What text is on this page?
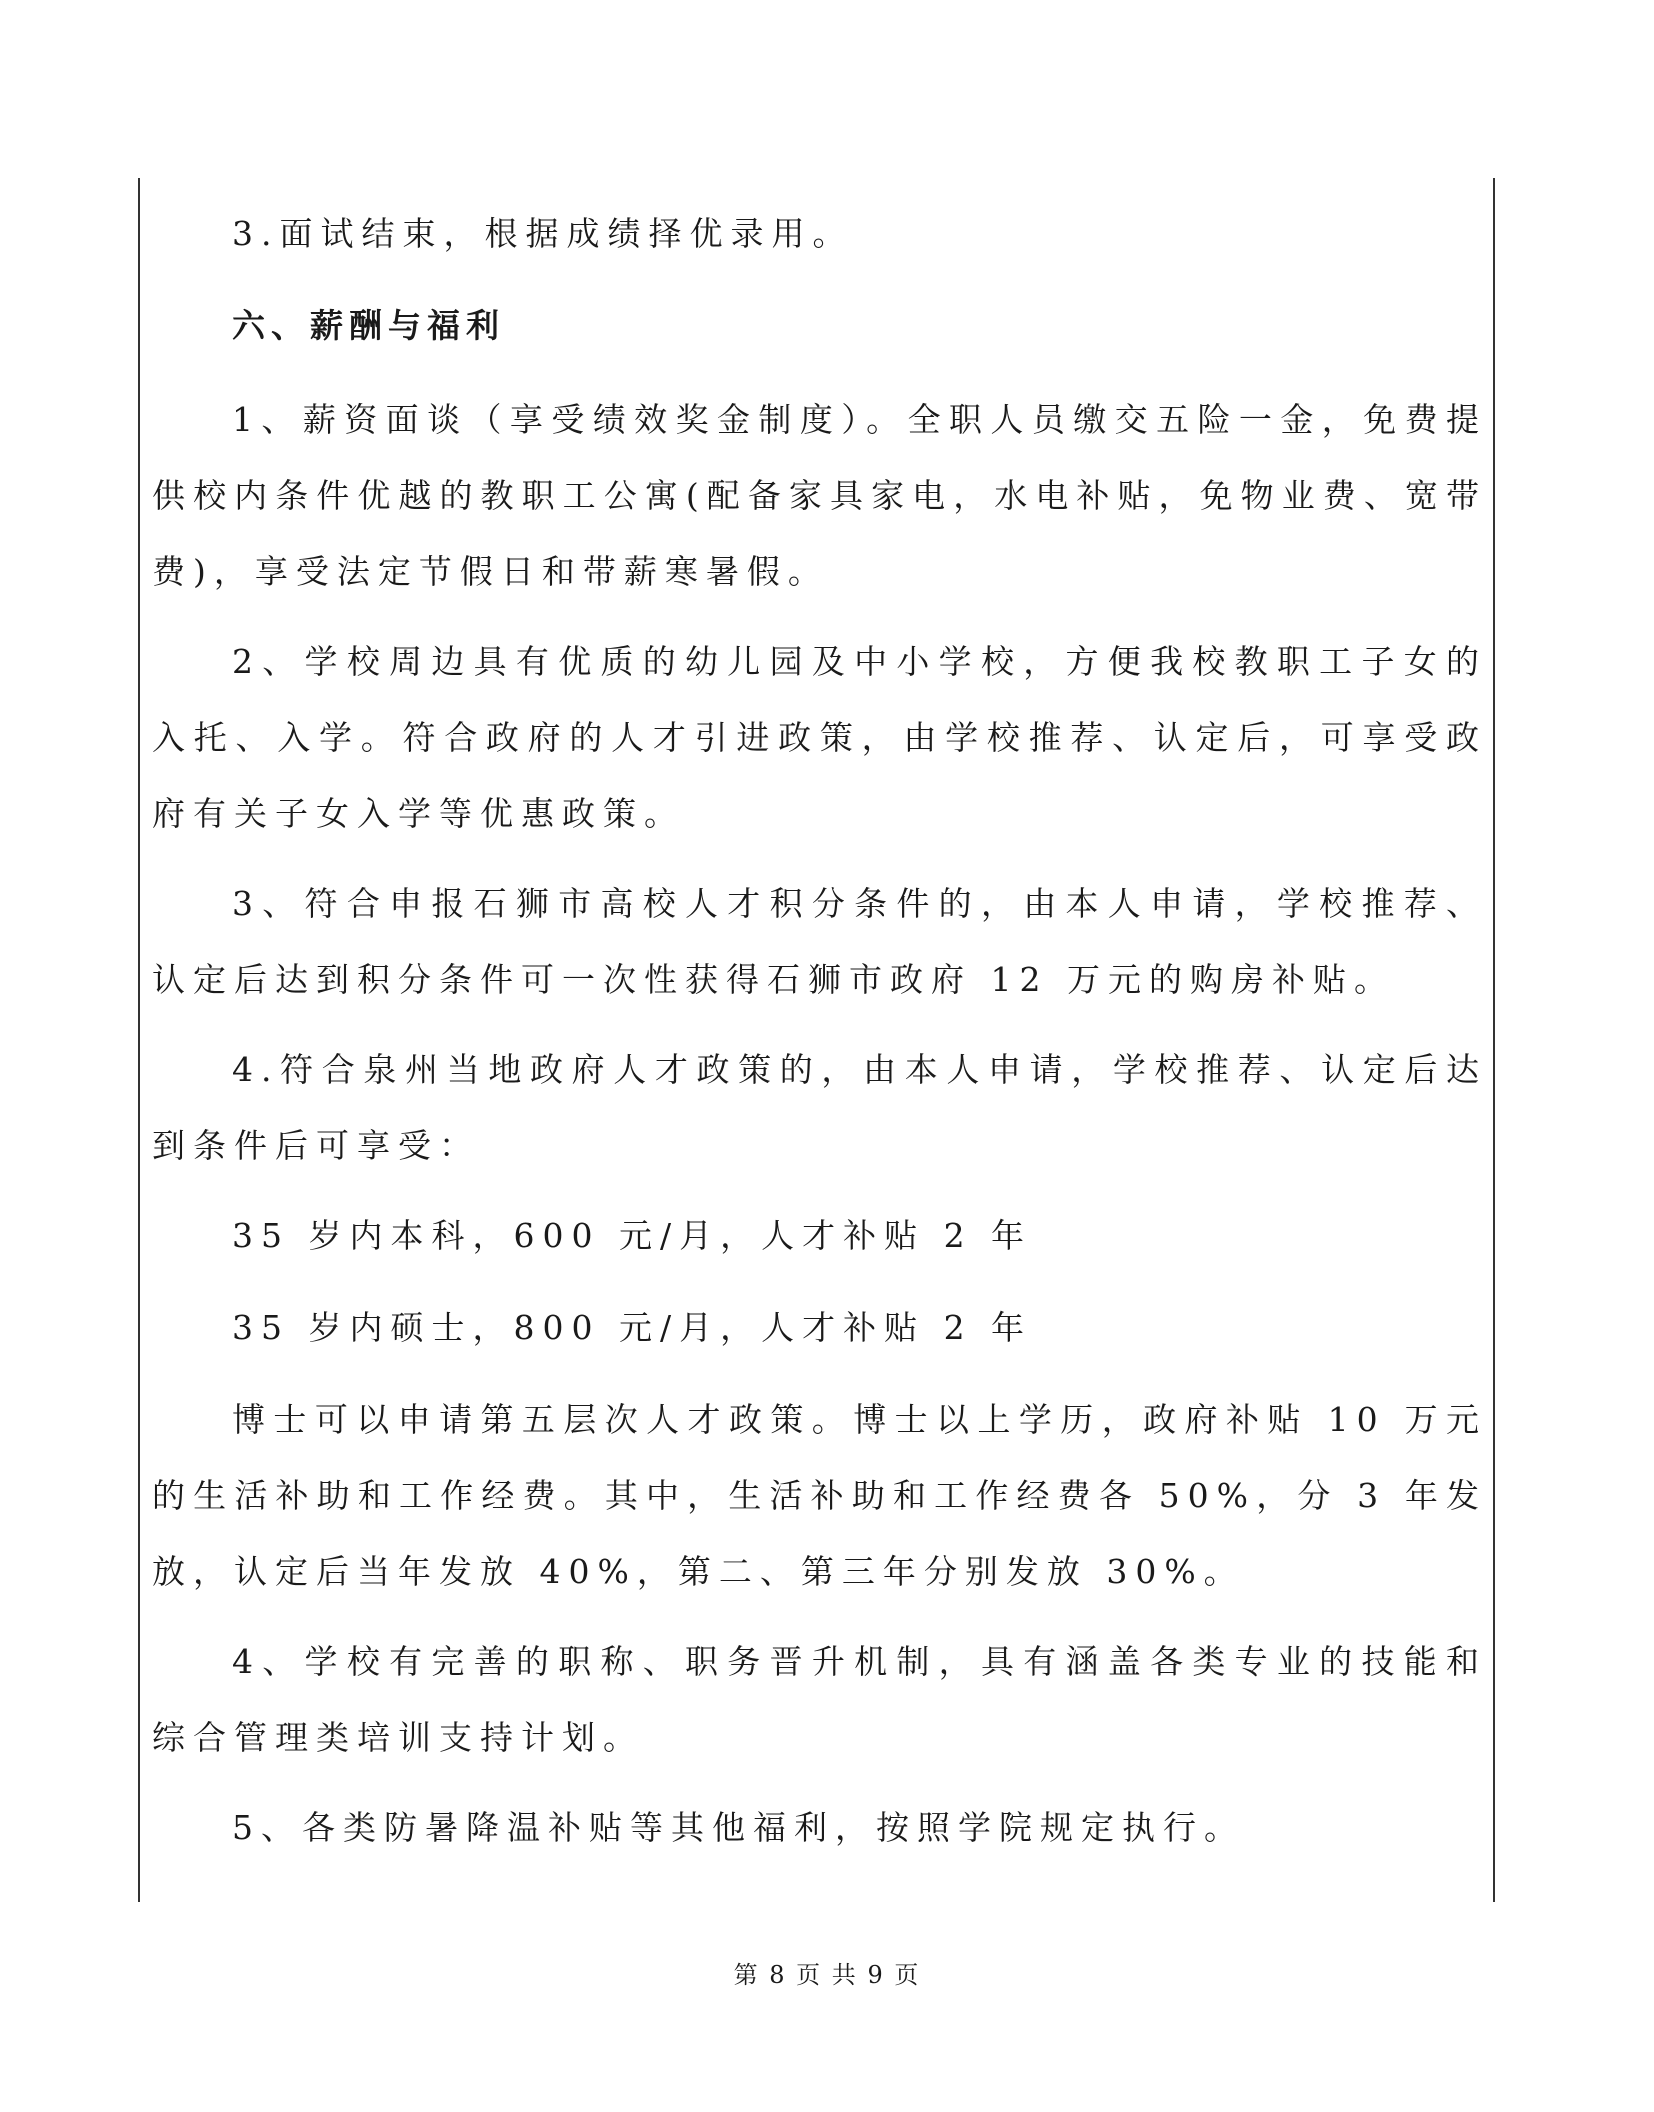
3.面试结束，根据成绩择优录用。

六、薪酬与福利

1、薪资面谈（享受绩效奖金制度）。全职人员缴交五险一金，免费提供校内条件优越的教职工公寓(配备家具家电，水电补贴，免物业费、宽带费)，享受法定节假日和带薪寒暑假。

2、学校周边具有优质的幼儿园及中小学校，方便我校教职工子女的入托、入学。符合政府的人才引进政策，由学校推荐、认定后，可享受政府有关子女入学等优惠政策。

3、符合申报石狮市高校人才积分条件的，由本人申请，学校推荐、认定后达到积分条件可一次性获得石狮市政府 12 万元的购房补贴。

4.符合泉州当地政府人才政策的，由本人申请，学校推荐、认定后达到条件后可享受：

35 岁内本科，600 元/月，人才补贴 2 年

35 岁内硕士，800 元/月，人才补贴 2 年

博士可以申请第五层次人才政策。博士以上学历，政府补贴 10 万元的生活补助和工作经费。其中，生活补助和工作经费各 50%，分 3 年发放，认定后当年发放 40%，第二、第三年分别发放 30%。

4、学校有完善的职称、职务晋升机制，具有涵盖各类专业的技能和综合管理类培训支持计划。

5、各类防暑降温补贴等其他福利，按照学院规定执行。

第 8 页 共 9 页
